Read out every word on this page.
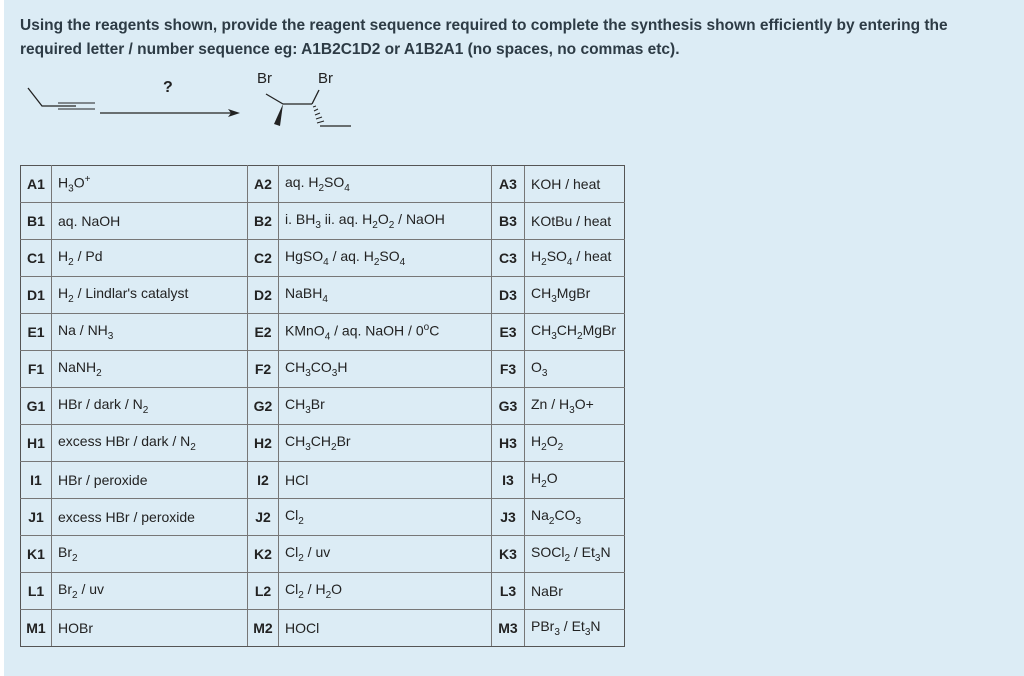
Using the reagents shown, provide the reagent sequence required to complete the synthesis shown efficiently by entering the required letter / number sequence eg: A1B2C1D2 or A1B2A1 (no spaces, no commas etc).

?
Br	Br
A1	$H_3O^+$	A2	aq. $H_2SO_4$	A3	KOH / heat
B1	aq. NaOH	B2	i. $BH_3$ ii. aq. $H_2O_2$ / NaOH	B3	KOtBu / heat
C1	$H_2$ / Pd	C2	HgSO$_4$ / aq. $H_2SO_4$	C3	$H_2SO_4$ / heat
D1	$H_2$ / Lindlar's catalyst	D2	NaBH$_4$	D3	$CH_3MgBr$
E1	Na / $NH_3$	E2	KMnO$_4$ / aq. NaOH / 0$^o$C	E3	$CH_3CH_2MgBr$
F1	NaNH$_2$	F2	$CH_3CO_3H$	F3	$O_3$
G1	HBr / dark / $N_2$	G2	$CH_3Br$	G3	$Zn / H_3O+$
H1	excess HBr / dark / $N_2$	H2	$CH_3CH_2Br$	H3	$H_2O_2$
I1	HBr / peroxide	I2	HCl	I3	$H_2O$
J1	excess HBr / peroxide	J2	$Cl_2$	J3	$Na_2CO_3$
K1	$Br_2$	K2	$Cl_2$ / uv	K3	SOCl$_2$ / $Et_3N$
L1	$Br_2$ / uv	L2	$Cl_2 / H_2O$	L3	NaBr
M1	HOBr	M2	HOCl	M3	$PBr_3 / Et_3N$
